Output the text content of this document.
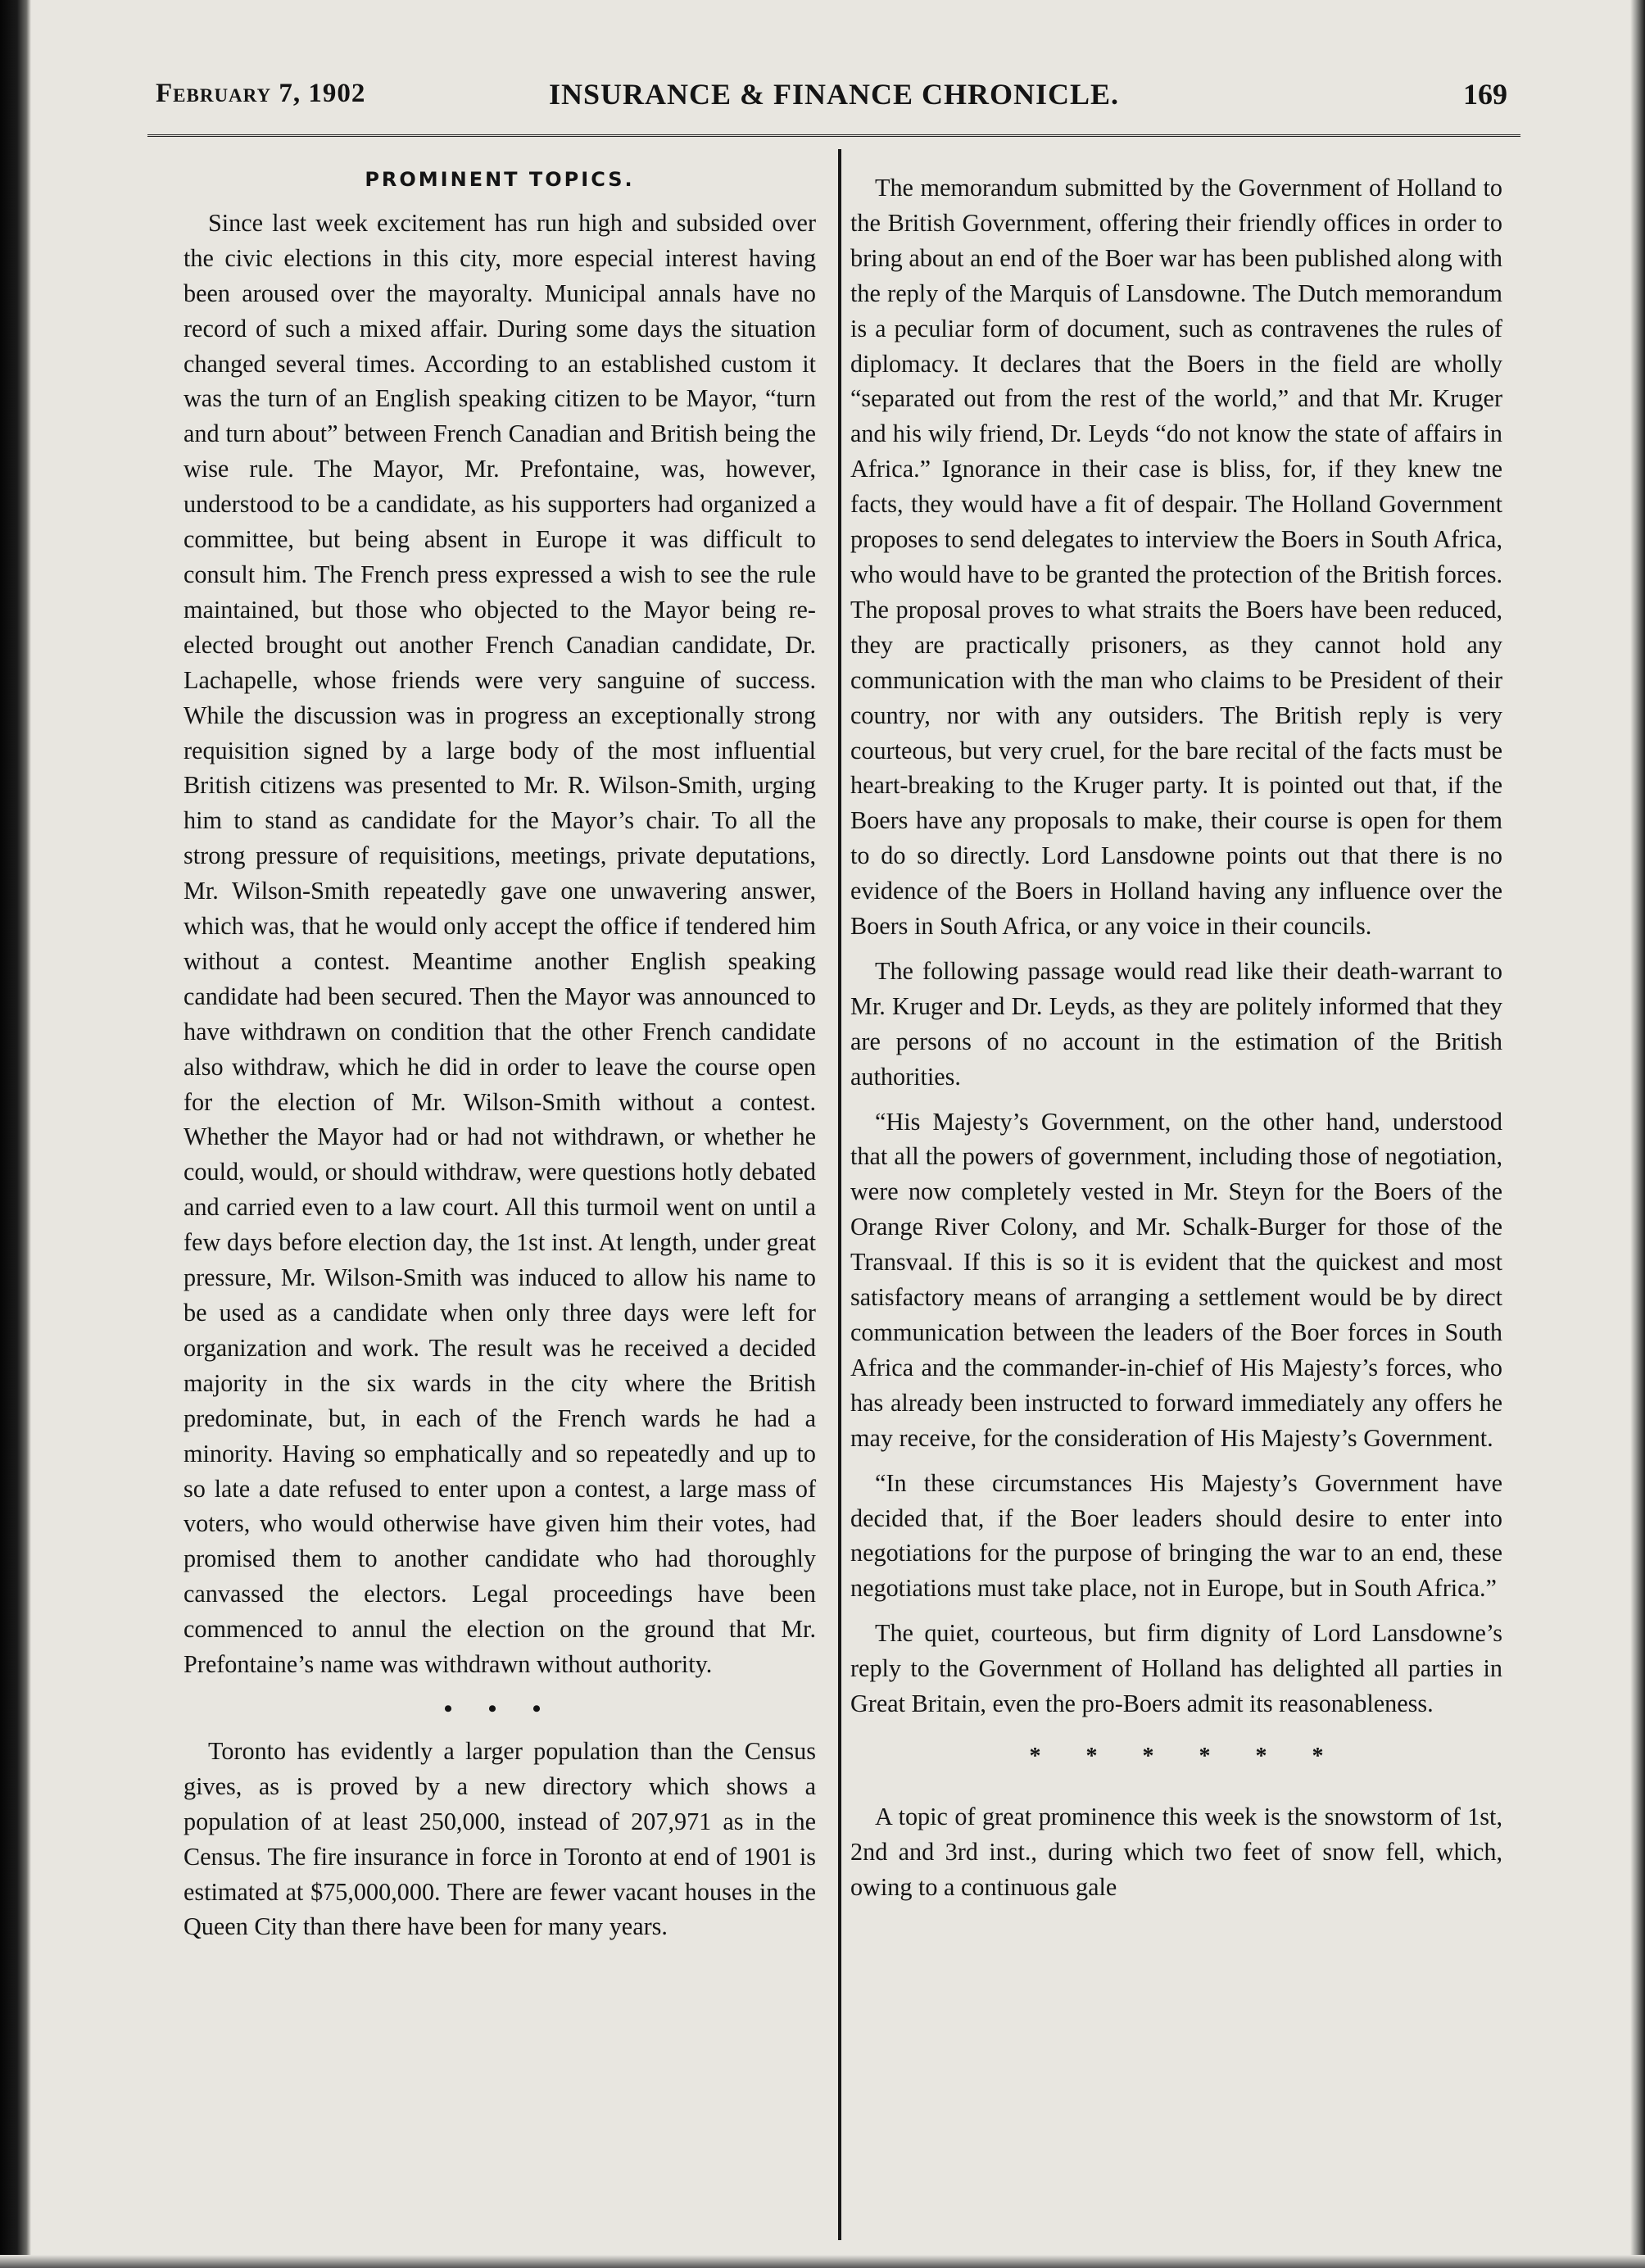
February 7, 1902	INSURANCE & FINANCE CHRONICLE.	169
PROMINENT TOPICS.

Since last week excitement has run high and subsided over the civic elections in this city, more especial interest having been aroused over the mayoralty. Municipal annals have no record of such a mixed affair. During some days the situation changed several times. According to an established custom it was the turn of an English speaking citizen to be Mayor, “turn and turn about” between French Canadian and British being the wise rule. The Mayor, Mr. Prefontaine, was, however, understood to be a candidate, as his supporters had organized a committee, but being absent in Europe it was difficult to consult him. The French press expressed a wish to see the rule maintained, but those who objected to the Mayor being re-elected brought out another French Canadian candidate, Dr. Lachapelle, whose friends were very sanguine of success. While the discussion was in progress an exceptionally strong requisition signed by a large body of the most influential British citizens was presented to Mr. R. Wilson-Smith, urging him to stand as candidate for the Mayor’s chair. To all the strong pressure of requisitions, meetings, private deputations, Mr. Wilson-Smith repeatedly gave one unwavering answer, which was, that he would only accept the office if tendered him without a contest. Meantime another English speaking candidate had been secured. Then the Mayor was announced to have withdrawn on condition that the other French candidate also withdraw, which he did in order to leave the course open for the election of Mr. Wilson-Smith without a contest. Whether the Mayor had or had not withdrawn, or whether he could, would, or should withdraw, were questions hotly debated and carried even to a law court. All this turmoil went on until a few days before election day, the 1st inst. At length, under great pressure, Mr. Wilson-Smith was induced to allow his name to be used as a candidate when only three days were left for organization and work. The result was he received a decided majority in the six wards in the city where the British predominate, but, in each of the French wards he had a minority. Having so emphatically and so repeatedly and up to so late a date refused to enter upon a contest, a large mass of voters, who would otherwise have given him their votes, had promised them to another candidate who had thoroughly canvassed the electors. Legal proceedings have been commenced to annul the election on the ground that Mr. Prefontaine’s name was withdrawn without authority.

• • •

Toronto has evidently a larger population than the Census gives, as is proved by a new directory which shows a population of at least 250,000, instead of 207,971 as in the Census. The fire insurance in force in Toronto at end of 1901 is estimated at $75,000,000. There are fewer vacant houses in the Queen City than there have been for many years.

The memorandum submitted by the Government of Holland to the British Government, offering their friendly offices in order to bring about an end of the Boer war has been published along with the reply of the Marquis of Lansdowne. The Dutch memorandum is a peculiar form of document, such as contravenes the rules of diplomacy. It declares that the Boers in the field are wholly “separated out from the rest of the world,” and that Mr. Kruger and his wily friend, Dr. Leyds “do not know the state of affairs in Africa.” Ignorance in their case is bliss, for, if they knew tne facts, they would have a fit of despair. The Holland Government proposes to send delegates to interview the Boers in South Africa, who would have to be granted the protection of the British forces. The proposal proves to what straits the Boers have been reduced, they are practically prisoners, as they cannot hold any communication with the man who claims to be President of their country, nor with any outsiders. The British reply is very courteous, but very cruel, for the bare recital of the facts must be heart-breaking to the Kruger party. It is pointed out that, if the Boers have any proposals to make, their course is open for them to do so directly. Lord Lansdowne points out that there is no evidence of the Boers in Holland having any influence over the Boers in South Africa, or any voice in their councils.

The following passage would read like their death-warrant to Mr. Kruger and Dr. Leyds, as they are politely informed that they are persons of no account in the estimation of the British authorities.

“His Majesty’s Government, on the other hand, understood that all the powers of government, including those of negotiation, were now completely vested in Mr. Steyn for the Boers of the Orange River Colony, and Mr. Schalk-Burger for those of the Transvaal. If this is so it is evident that the quickest and most satisfactory means of arranging a settlement would be by direct communication between the leaders of the Boer forces in South Africa and the commander-in-chief of His Majesty’s forces, who has already been instructed to forward immediately any offers he may receive, for the consideration of His Majesty’s Government.

“In these circumstances His Majesty’s Government have decided that, if the Boer leaders should desire to enter into negotiations for the purpose of bringing the war to an end, these negotiations must take place, not in Europe, but in South Africa.”

The quiet, courteous, but firm dignity of Lord Lansdowne’s reply to the Government of Holland has delighted all parties in Great Britain, even the pro-Boers admit its reasonableness.

* * * * * *

A topic of great prominence this week is the snowstorm of 1st, 2nd and 3rd inst., during which two feet of snow fell, which, owing to a continuous gale
